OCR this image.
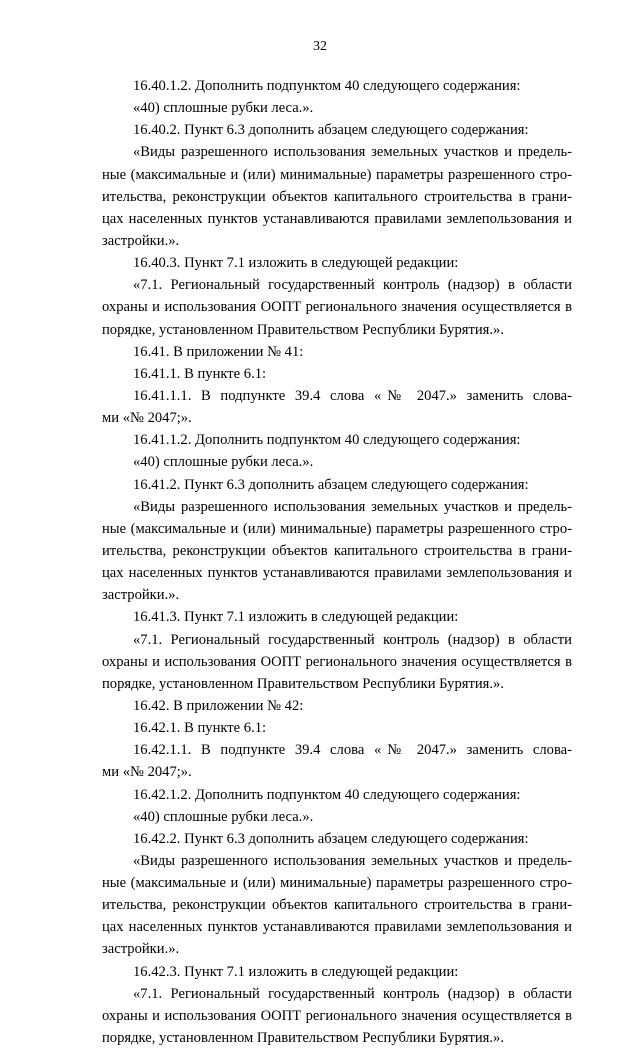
32
16.40.1.2. Дополнить подпунктом 40 следующего содержания:
«40) сплошные рубки леса.».
16.40.2. Пункт 6.3 дополнить абзацем следующего содержания:
«Виды разрешенного использования земельных участков и предель-
ные (максимальные и (или) минимальные) параметры разрешенного стро-
ительства, реконструкции объектов капитального строительства в грани-
цах населенных пунктов устанавливаются правилами землепользования и
застройки.».
16.40.3. Пункт 7.1 изложить в следующей редакции:
«7.1. Региональный государственный контроль (надзор) в области
охраны и использования ООПТ регионального значения осуществляется в
порядке, установленном Правительством Республики Бурятия.».
16.41. В приложении № 41:
16.41.1. В пункте 6.1:
16.41.1.1. В подпункте 39.4 слова «№ 2047.» заменить слова-
ми «№ 2047;».
16.41.1.2. Дополнить подпунктом 40 следующего содержания:
«40) сплошные рубки леса.».
16.41.2. Пункт 6.3 дополнить абзацем следующего содержания:
«Виды разрешенного использования земельных участков и предель-
ные (максимальные и (или) минимальные) параметры разрешенного стро-
ительства, реконструкции объектов капитального строительства в грани-
цах населенных пунктов устанавливаются правилами землепользования и
застройки.».
16.41.3. Пункт 7.1 изложить в следующей редакции:
«7.1. Региональный государственный контроль (надзор) в области
охраны и использования ООПТ регионального значения осуществляется в
порядке, установленном Правительством Республики Бурятия.».
16.42. В приложении № 42:
16.42.1. В пункте 6.1:
16.42.1.1. В подпункте 39.4 слова «№ 2047.» заменить слова-
ми «№ 2047;».
16.42.1.2. Дополнить подпунктом 40 следующего содержания:
«40) сплошные рубки леса.».
16.42.2. Пункт 6.3 дополнить абзацем следующего содержания:
«Виды разрешенного использования земельных участков и предель-
ные (максимальные и (или) минимальные) параметры разрешенного стро-
ительства, реконструкции объектов капитального строительства в грани-
цах населенных пунктов устанавливаются правилами землепользования и
застройки.».
16.42.3. Пункт 7.1 изложить в следующей редакции:
«7.1. Региональный государственный контроль (надзор) в области
охраны и использования ООПТ регионального значения осуществляется в
порядке, установленном Правительством Республики Бурятия.».
